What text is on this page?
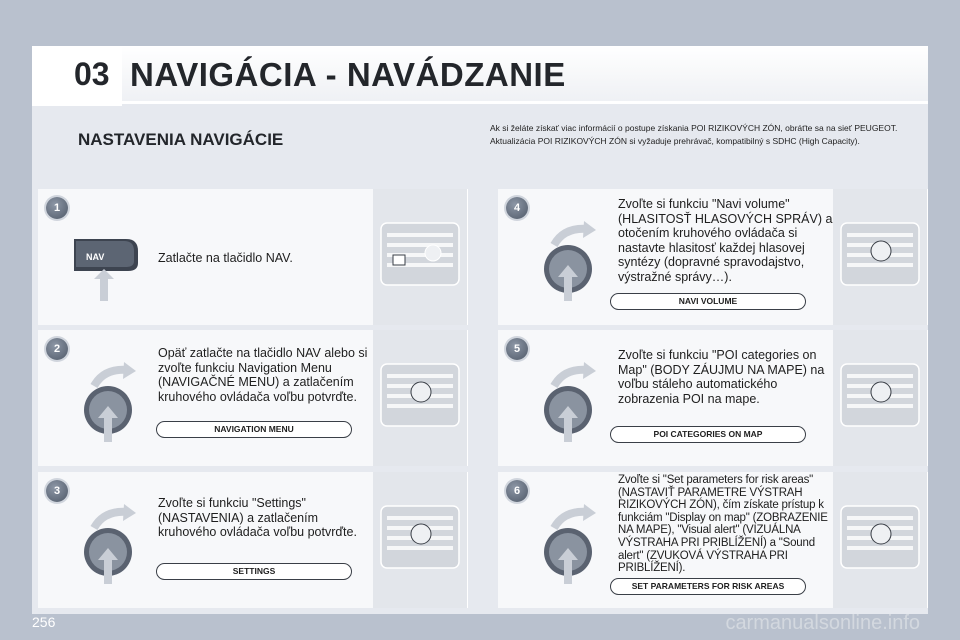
03 NAVIGÁCIA - NAVÁDZANIE
NASTAVENIA NAVIGÁCIE

Ak si želáte získať viac informácií o postupe získania POI RIZIKOVÝCH ZÓN, obráťte sa na sieť PEUGEOT.

Aktualizácia POI RIZIKOVÝCH ZÓN si vyžaduje prehrávač, kompatibilný s SDHC (High Capacity).

1
NAV	Zatlačte na tlačidlo NAV.
2	Opäť zatlačte na tlačidlo NAV alebo si zvoľte funkciu Navigation Menu (NAVIGAČNÉ MENU) a zatlačením kruhového ovládača voľbu potvrďte.
NAVIGATION MENU
3
Zvoľte si funkciu "Settings" (NASTAVENIA) a zatlačením kruhového ovládača voľbu potvrďte.
SETTINGS
4	Zvoľte si funkciu "Navi volume" (HLASITOSŤ HLASOVÝCH SPRÁV) a otočením kruhového ovládača si nastavte hlasitosť každej hlasovej syntézy (dopravné spravodajstvo, výstražné správy…).
NAVI VOLUME
5	Zvoľte si funkciu "POI categories on Map" (BODY ZÁUJMU NA MAPE) na voľbu stáleho automatického zobrazenia POI na mape.
POI CATEGORIES ON MAP
6
Zvoľte si "Set parameters for risk areas" (NASTAVIŤ PARAMETRE VÝSTRAH RIZIKOVÝCH ZÓN), čím získate prístup k funkciám "Display on map" (ZOBRAZENIE NA MAPE), "Visual alert" (VIZUÁLNA VÝSTRAHA PRI PRIBLÍŽENÍ) a "Sound alert" (ZVUKOVÁ VÝSTRAHA PRI PRIBLÍŽENÍ).
SET PARAMETERS FOR RISK AREAS
256	carmanualsonline.info
